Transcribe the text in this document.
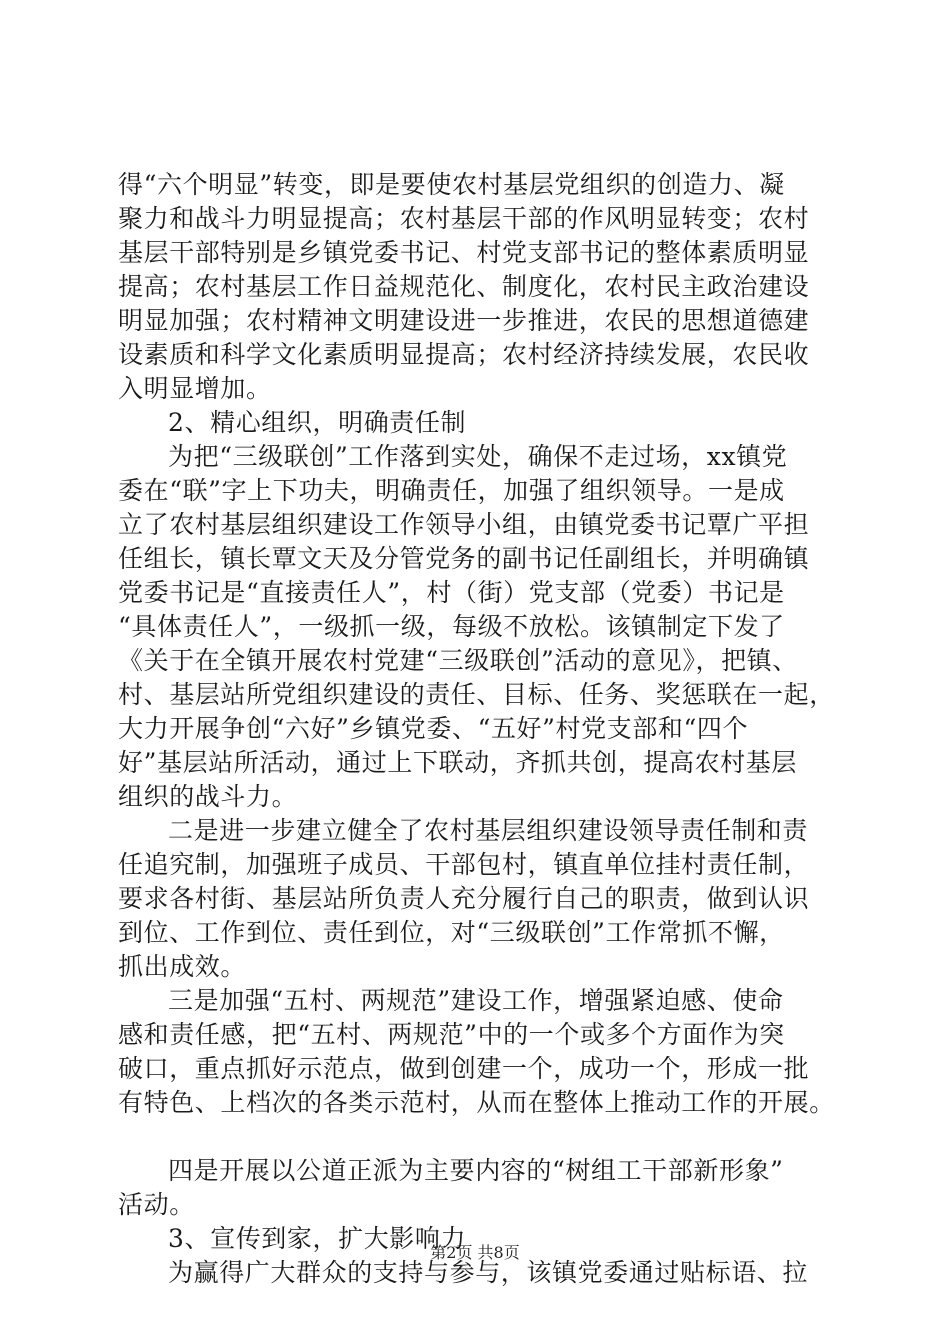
得“六个明显”转变，即是要使农村基层党组织的创造力、凝
聚力和战斗力明显提高；农村基层干部的作风明显转变；农村
基层干部特别是乡镇党委书记、村党支部书记的整体素质明显
提高；农村基层工作日益规范化、制度化，农村民主政治建设
明显加强；农村精神文明建设进一步推进，农民的思想道德建
设素质和科学文化素质明显提高；农村经济持续发展，农民收
入明显增加。
2、精心组织，明确责任制
为把“三级联创”工作落到实处，确保不走过场，xx镇党
委在“联”字上下功夫，明确责任，加强了组织领导。一是成
立了农村基层组织建设工作领导小组，由镇党委书记覃广平担
任组长，镇长覃文天及分管党务的副书记任副组长，并明确镇
党委书记是“直接责任人”，村（街）党支部（党委）书记是
“具体责任人”，一级抓一级，每级不放松。该镇制定下发了
《关于在全镇开展农村党建“三级联创”活动的意见》，把镇、
村、基层站所党组织建设的责任、目标、任务、奖惩联在一起，
大力开展争创“六好”乡镇党委、“五好”村党支部和“四个
好”基层站所活动，通过上下联动，齐抓共创，提高农村基层
组织的战斗力。
二是进一步建立健全了农村基层组织建设领导责任制和责
任追究制，加强班子成员、干部包村，镇直单位挂村责任制，
要求各村街、基层站所负责人充分履行自己的职责，做到认识
到位、工作到位、责任到位，对“三级联创”工作常抓不懈，
抓出成效。
三是加强“五村、两规范”建设工作，增强紧迫感、使命
感和责任感，把“五村、两规范”中的一个或多个方面作为突
破口，重点抓好示范点，做到创建一个，成功一个，形成一批
有特色、上档次的各类示范村，从而在整体上推动工作的开展。
四是开展以公道正派为主要内容的“树组工干部新形象”
活动。
3、宣传到家，扩大影响力
为赢得广大群众的支持与参与，该镇党委通过贴标语、拉
第2页 共8页
